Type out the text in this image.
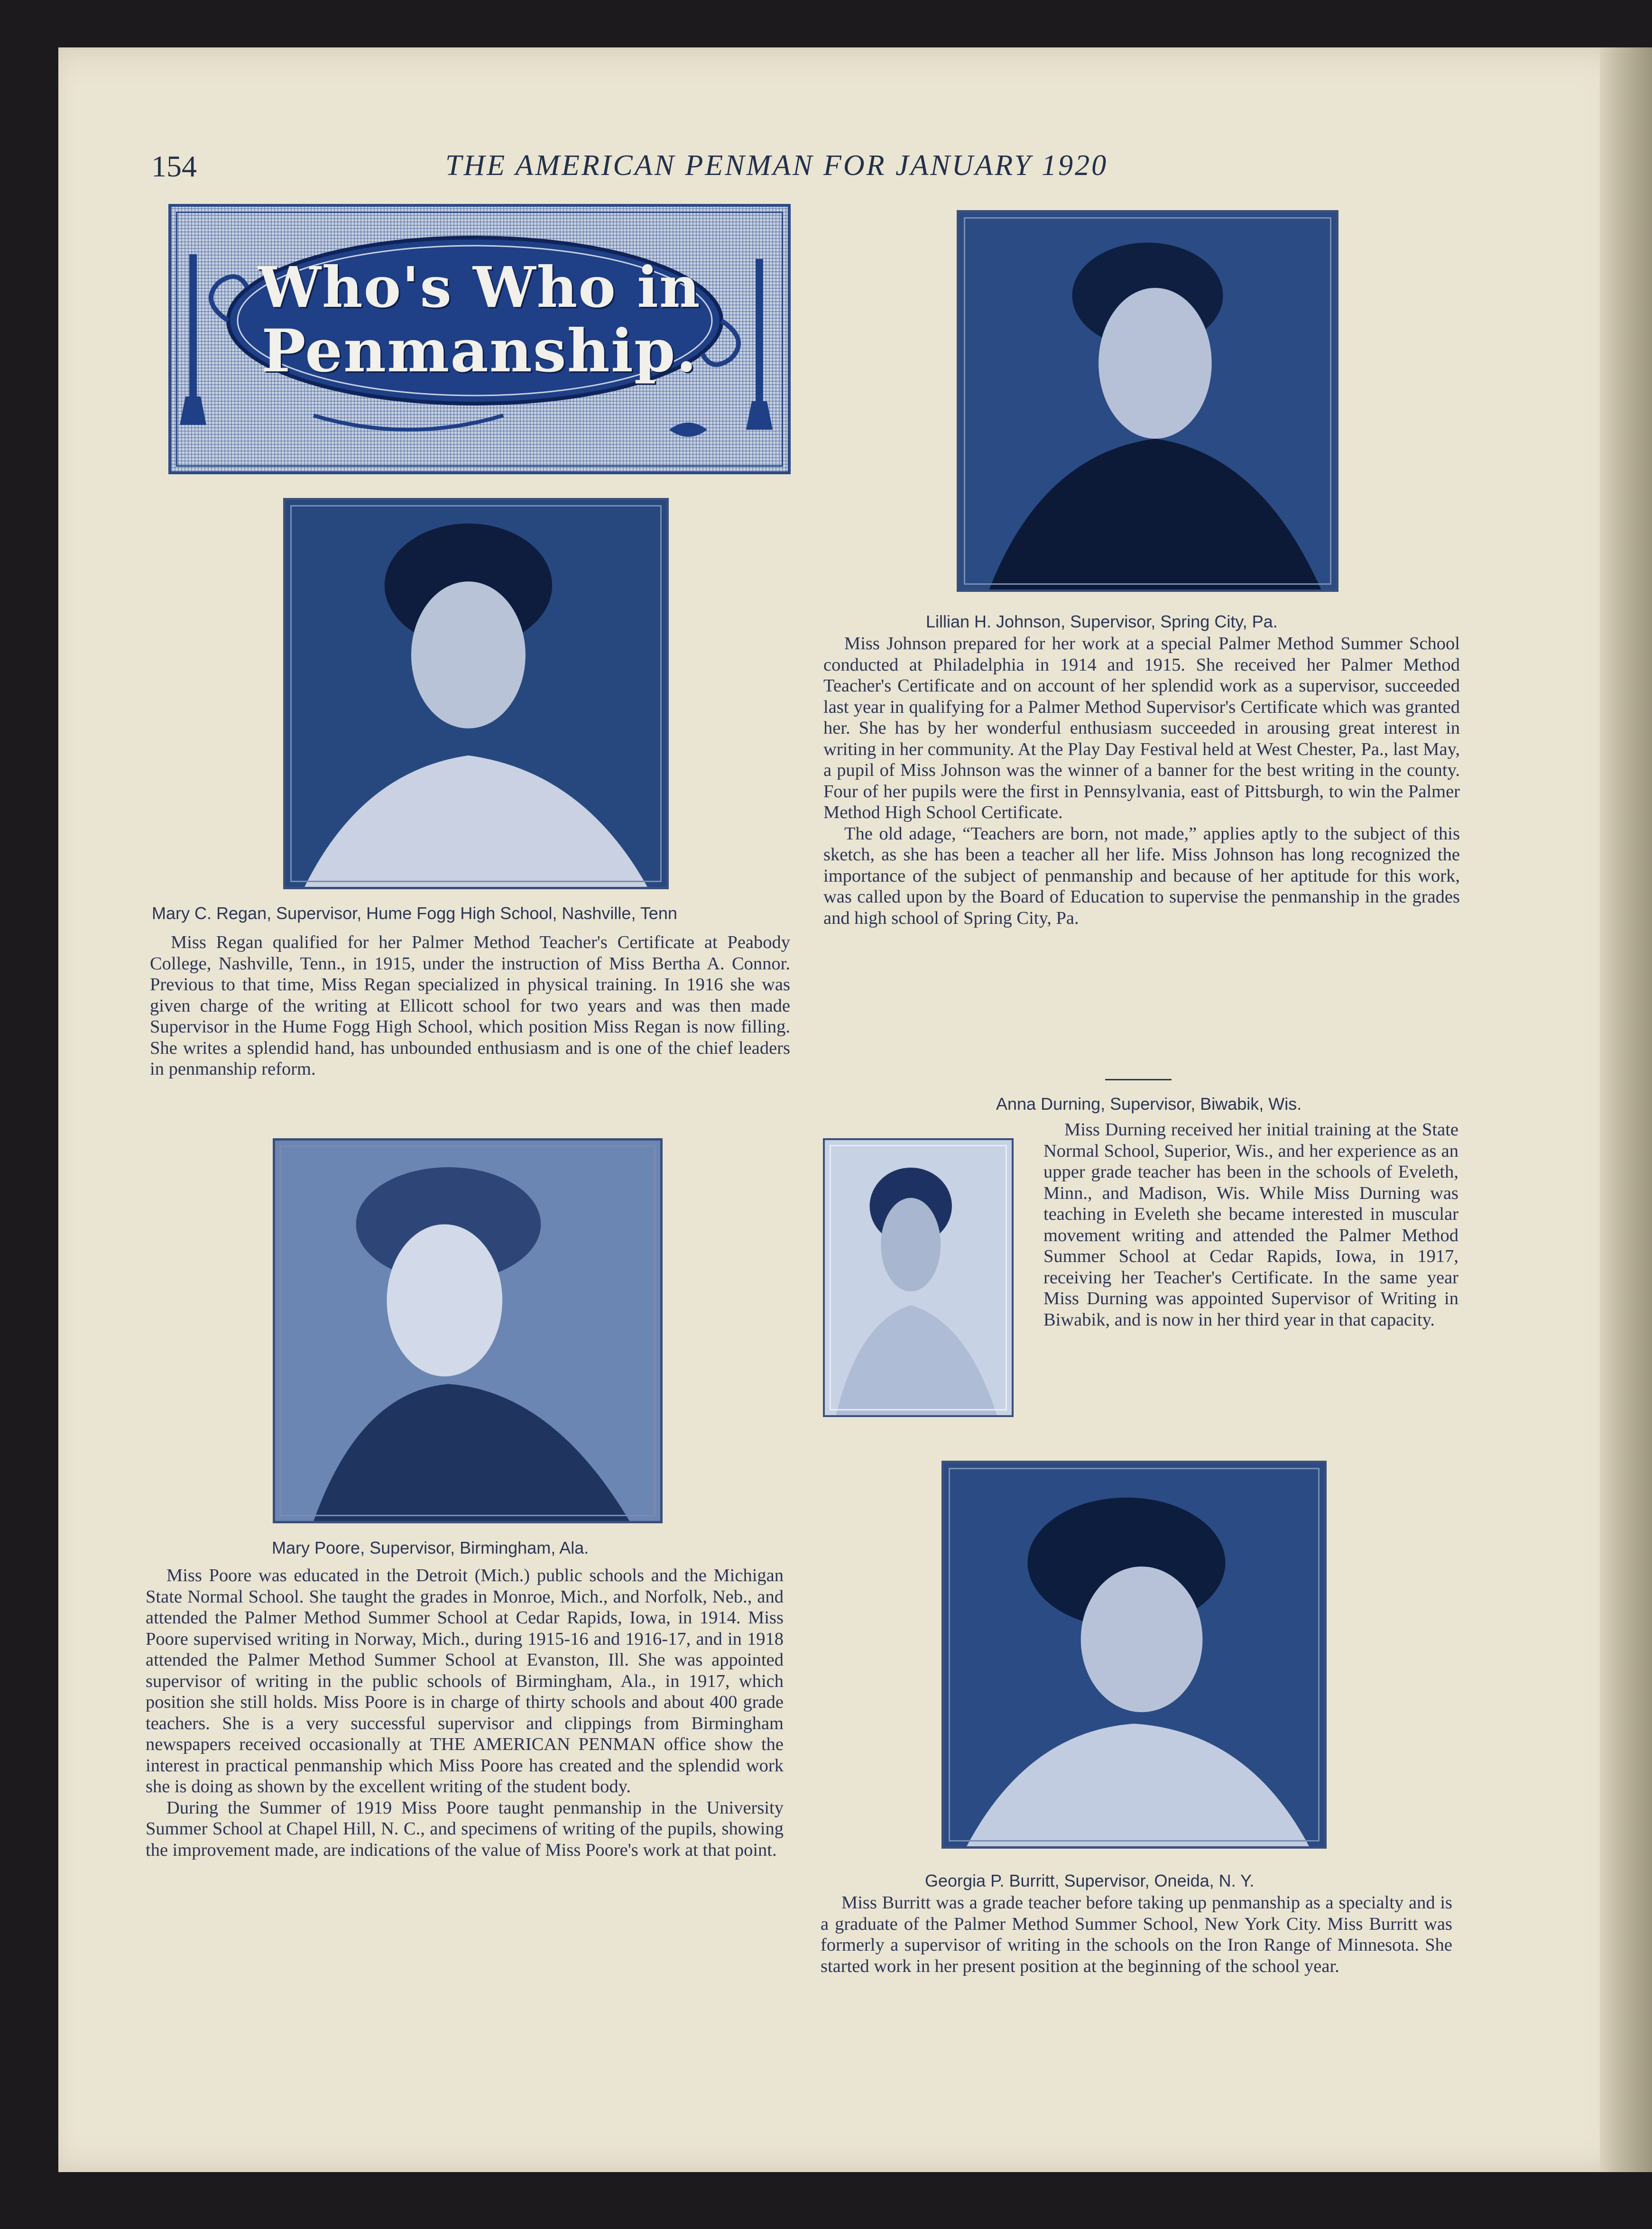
154	THE AMERICAN PENMAN FOR JANUARY 1920
Who's Who in
Penmanship.
Mary C. Regan, Supervisor, Hume Fogg High School, Nashville, Tenn

Miss Regan qualified for her Palmer Method Teacher's Certificate at Peabody College, Nashville, Tenn., in 1915, under the instruction of Miss Bertha A. Connor. Previous to that time, Miss Regan specialized in physical training. In 1916 she was given charge of the writing at Ellicott school for two years and was then made Supervisor in the Hume Fogg High School, which position Miss Regan is now filling. She writes a splendid hand, has unbounded enthusiasm and is one of the chief leaders in penmanship reform.

Mary Poore, Supervisor, Birmingham, Ala.

Miss Poore was educated in the Detroit (Mich.) public schools and the Michigan State Normal School. She taught the grades in Monroe, Mich., and Norfolk, Neb., and attended the Palmer Method Summer School at Cedar Rapids, Iowa, in 1914. Miss Poore supervised writing in Norway, Mich., during 1915-16 and 1916-17, and in 1918 attended the Palmer Method Summer School at Evanston, Ill. She was appointed supervisor of writing in the public schools of Birmingham, Ala., in 1917, which position she still holds. Miss Poore is in charge of thirty schools and about 400 grade teachers. She is a very successful supervisor and clippings from Birmingham newspapers received occasionally at THE AMERICAN PENMAN office show the interest in practical penmanship which Miss Poore has created and the splendid work she is doing as shown by the excellent writing of the student body.

During the Summer of 1919 Miss Poore taught penmanship in the University Summer School at Chapel Hill, N. C., and specimens of writing of the pupils, showing the improvement made, are indications of the value of Miss Poore's work at that point.

Lillian H. Johnson, Supervisor, Spring City, Pa.

Miss Johnson prepared for her work at a special Palmer Method Summer School conducted at Philadelphia in 1914 and 1915. She received her Palmer Method Teacher's Certificate and on account of her splendid work as a supervisor, succeeded last year in qualifying for a Palmer Method Supervisor's Certificate which was granted her. She has by her wonderful enthusiasm succeeded in arousing great interest in writing in her community. At the Play Day Festival held at West Chester, Pa., last May, a pupil of Miss Johnson was the winner of a banner for the best writing in the county. Four of her pupils were the first in Pennsylvania, east of Pittsburgh, to win the Palmer Method High School Certificate.

The old adage, “Teachers are born, not made,” applies aptly to the subject of this sketch, as she has been a teacher all her life. Miss Johnson has long recognized the importance of the subject of penmanship and because of her aptitude for this work, was called upon by the Board of Education to supervise the penmanship in the grades and high school of Spring City, Pa.

Anna Durning, Supervisor, Biwabik, Wis.

Miss Durning received her initial training at the State Normal School, Superior, Wis., and her experience as an upper grade teacher has been in the schools of Eveleth, Minn., and Madison, Wis. While Miss Durning was teaching in Eveleth she became interested in muscular movement writing and attended the Palmer Method Summer School at Cedar Rapids, Iowa, in 1917, receiving her Teacher's Certificate. In the same year Miss Durning was appointed Supervisor of Writing in Biwabik, and is now in her third year in that capacity.

Georgia P. Burritt, Supervisor, Oneida, N. Y.

Miss Burritt was a grade teacher before taking up penmanship as a specialty and is a graduate of the Palmer Method Summer School, New York City. Miss Burritt was formerly a supervisor of writing in the schools on the Iron Range of Minnesota. She started work in her present position at the beginning of the school year.
